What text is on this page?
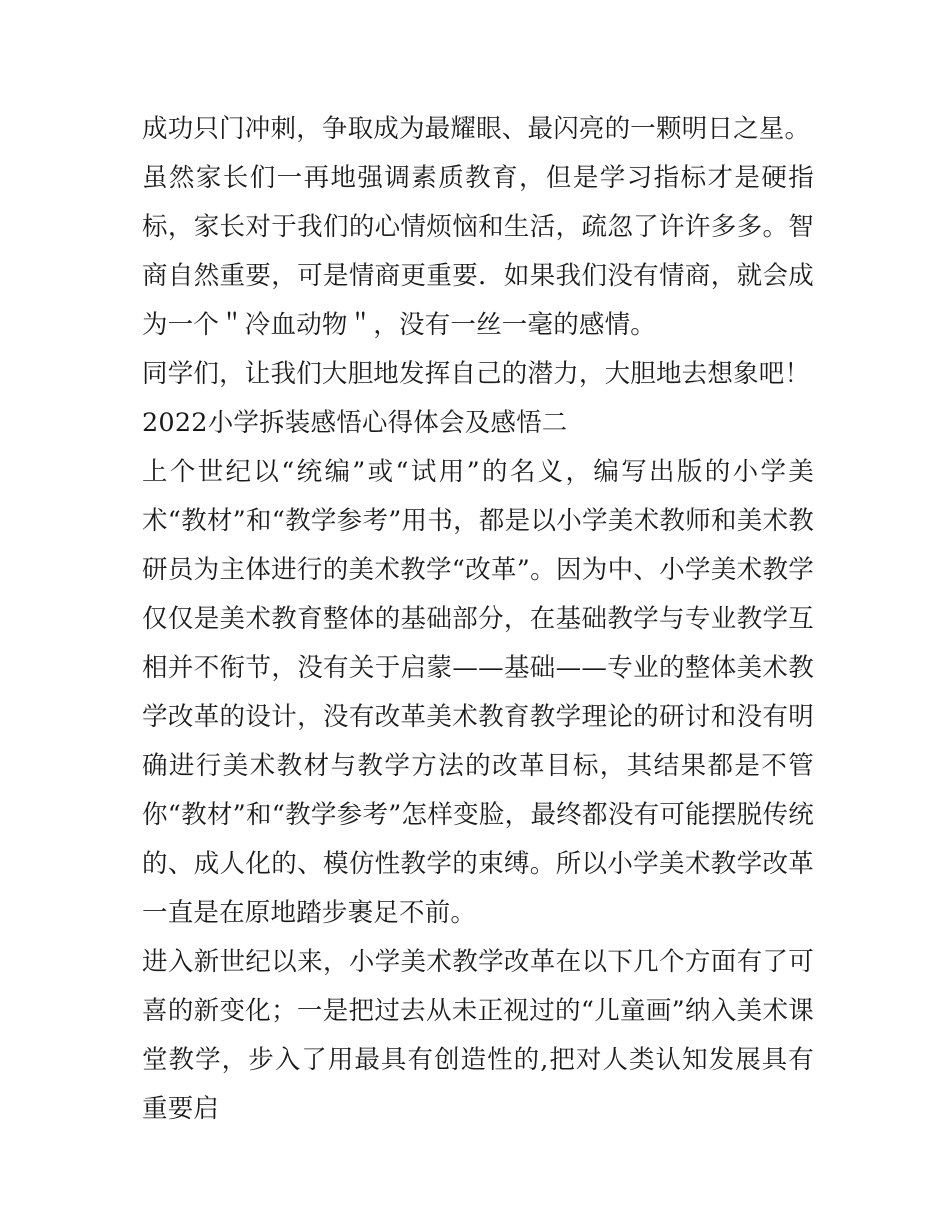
成功只门冲刺，争取成为最耀眼、最闪亮的一颗明日之星。

虽然家长们一再地强调素质教育，但是学习指标才是硬指标，家长对于我们的心情烦恼和生活，疏忽了许许多多。智商自然重要，可是情商更重要．如果我们没有情商，就会成为一个＂冷血动物＂，没有一丝一毫的感情。

同学们，让我们大胆地发挥自己的潜力，大胆地去想象吧！

2022小学拆装感悟心得体会及感悟二

上个世纪以“统编”或“试用”的名义，编写出版的小学美术“教材”和“教学参考”用书，都是以小学美术教师和美术教研员为主体进行的美术教学“改革”。因为中、小学美术教学仅仅是美术教育整体的基础部分，在基础教学与专业教学互相并不衔节，没有关于启蒙——基础——专业的整体美术教学改革的设计，没有改革美术教育教学理论的研讨和没有明确进行美术教材与教学方法的改革目标，其结果都是不管你“教材”和“教学参考”怎样变脸，最终都没有可能摆脱传统的、成人化的、模仿性教学的束缚。所以小学美术教学改革一直是在原地踏步裹足不前。

进入新世纪以来，小学美术教学改革在以下几个方面有了可喜的新变化；一是把过去从未正视过的“儿童画”纳入美术课堂教学，步入了用最具有创造性的,把对人类认知发展具有重要启
